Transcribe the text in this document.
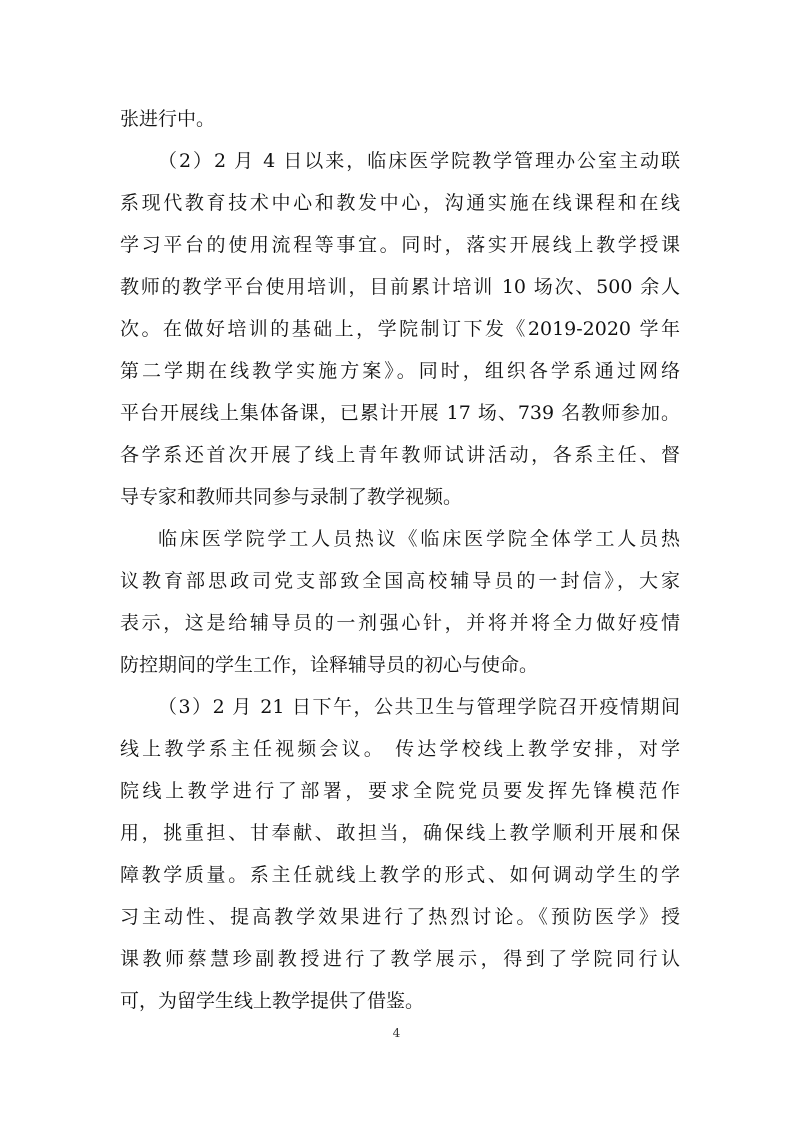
张进行中。
（2）2 月 4 日以来，临床医学院教学管理办公室主动联
系现代教育技术中心和教发中心，沟通实施在线课程和在线
学习平台的使用流程等事宜。同时，落实开展线上教学授课
教师的教学平台使用培训，目前累计培训 10 场次、500 余人
次。在做好培训的基础上，学院制订下发《2019-2020 学年
第二学期在线教学实施方案》。同时，组织各学系通过网络
平台开展线上集体备课，已累计开展 17 场、739 名教师参加。
各学系还首次开展了线上青年教师试讲活动，各系主任、督
导专家和教师共同参与录制了教学视频。
临床医学院学工人员热议《临床医学院全体学工人员热
议教育部思政司党支部致全国高校辅导员的一封信》，大家
表示，这是给辅导员的一剂强心针，并将并将全力做好疫情
防控期间的学生工作，诠释辅导员的初心与使命。
（3）2 月 21 日下午，公共卫生与管理学院召开疫情期间
线上教学系主任视频会议。 传达学校线上教学安排，对学
院线上教学进行了部署，要求全院党员要发挥先锋模范作
用，挑重担、甘奉献、敢担当，确保线上教学顺利开展和保
障教学质量。系主任就线上教学的形式、如何调动学生的学
习主动性、提高教学效果进行了热烈讨论。《预防医学》授
课教师蔡慧珍副教授进行了教学展示，得到了学院同行认
可，为留学生线上教学提供了借鉴。
4
